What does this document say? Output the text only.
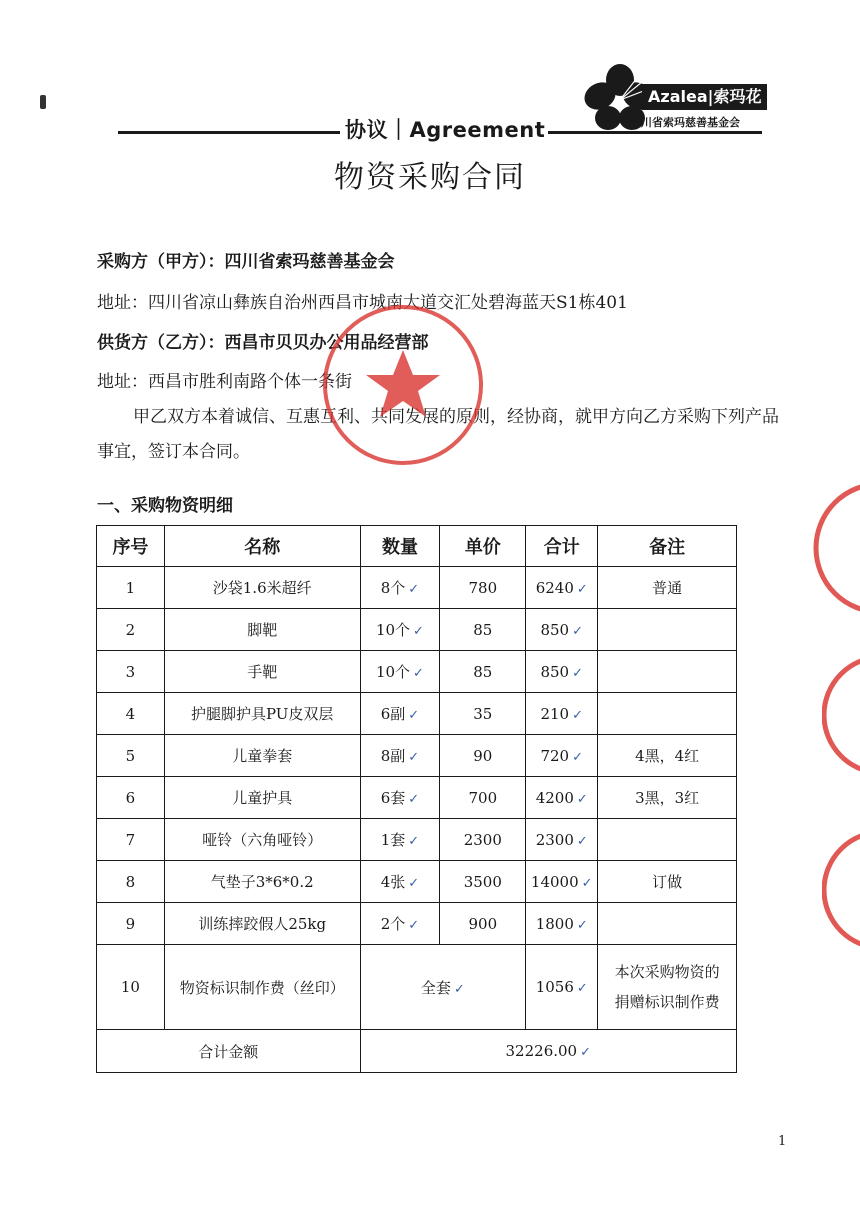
协议｜Agreement
Azalea|索玛花
四川省索玛慈善基金会
物资采购合同
采购方（甲方）：四川省索玛慈善基金会
地址：四川省凉山彝族自治州西昌市城南大道交汇处碧海蓝天S1栋401
供货方（乙方）：西昌市贝贝办公用品经营部
地址：西昌市胜利南路个体一条街
甲乙双方本着诚信、互惠互利、共同发展的原则，经协商，就甲方向乙方采购下列产品事宜，签订本合同。
一、采购物资明细
序号	名称	数量	单价	合计	备注
1	沙袋1.6米超纤	8个 ✓	780	6240 ✓	普通
2	脚靶	10个 ✓	85	850 ✓	
3	手靶	10个 ✓	85	850 ✓	
4	护腿脚护具PU皮双层	6副 ✓	35	210 ✓	
5	儿童拳套	8副 ✓	90	720 ✓	4黑，4红
6	儿童护具	6套 ✓	700	4200 ✓	3黑，3红
7	哑铃（六角哑铃）	1套 ✓	2300	2300 ✓	
8	气垫子3*6*0.2	4张 ✓	3500	14000 ✓	订做
9	训练摔跤假人25kg	2个 ✓	900	1800 ✓	
10	物资标识制作费（丝印）	全套 ✓		1056 ✓	本次采购物资的
捐赠标识制作费

合计金额		32226.00 ✓			
1
